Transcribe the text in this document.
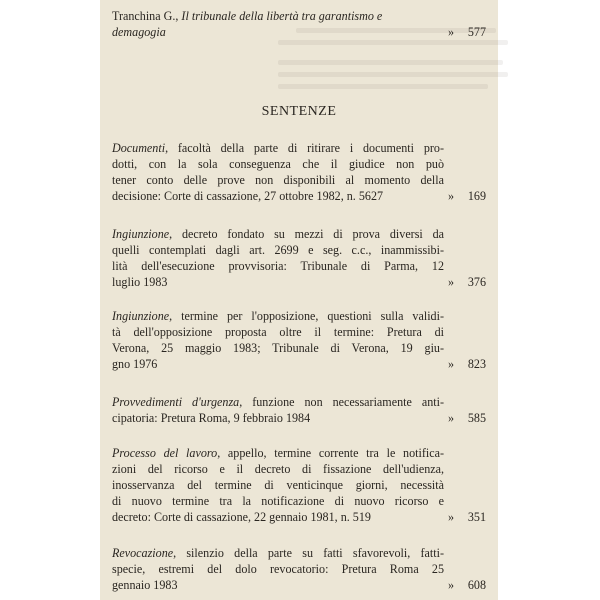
Tranchina G., Il tribunale della libertà tra garantismo e
demagogia	» 577
SENTENZE
Documenti, facoltà della parte di ritirare i documenti pro-
dotti, con la sola conseguenza che il giudice non può
tener conto delle prove non disponibili al momento della
decisione: Corte di cassazione, 27 ottobre 1982, n. 5627	» 169
Ingiunzione, decreto fondato su mezzi di prova diversi da
quelli contemplati dagli art. 2699 e seg. c.c., inammissibi-
lità dell'esecuzione provvisoria: Tribunale di Parma, 12
luglio 1983	» 376
Ingiunzione, termine per l'opposizione, questioni sulla validi-
tà dell'opposizione proposta oltre il termine: Pretura di
Verona, 25 maggio 1983; Tribunale di Verona, 19 giu-
gno 1976	» 823
Provvedimenti d'urgenza, funzione non necessariamente anti-
cipatoria: Pretura Roma, 9 febbraio 1984	» 585
Processo del lavoro, appello, termine corrente tra le notifica-
zioni del ricorso e il decreto di fissazione dell'udienza,
inosservanza del termine di venticinque giorni, necessità
di nuovo termine tra la notificazione di nuovo ricorso e
decreto: Corte di cassazione, 22 gennaio 1981, n. 519	» 351
Revocazione, silenzio della parte su fatti sfavorevoli, fatti-
specie, estremi del dolo revocatorio: Pretura Roma 25
gennaio 1983	» 608
